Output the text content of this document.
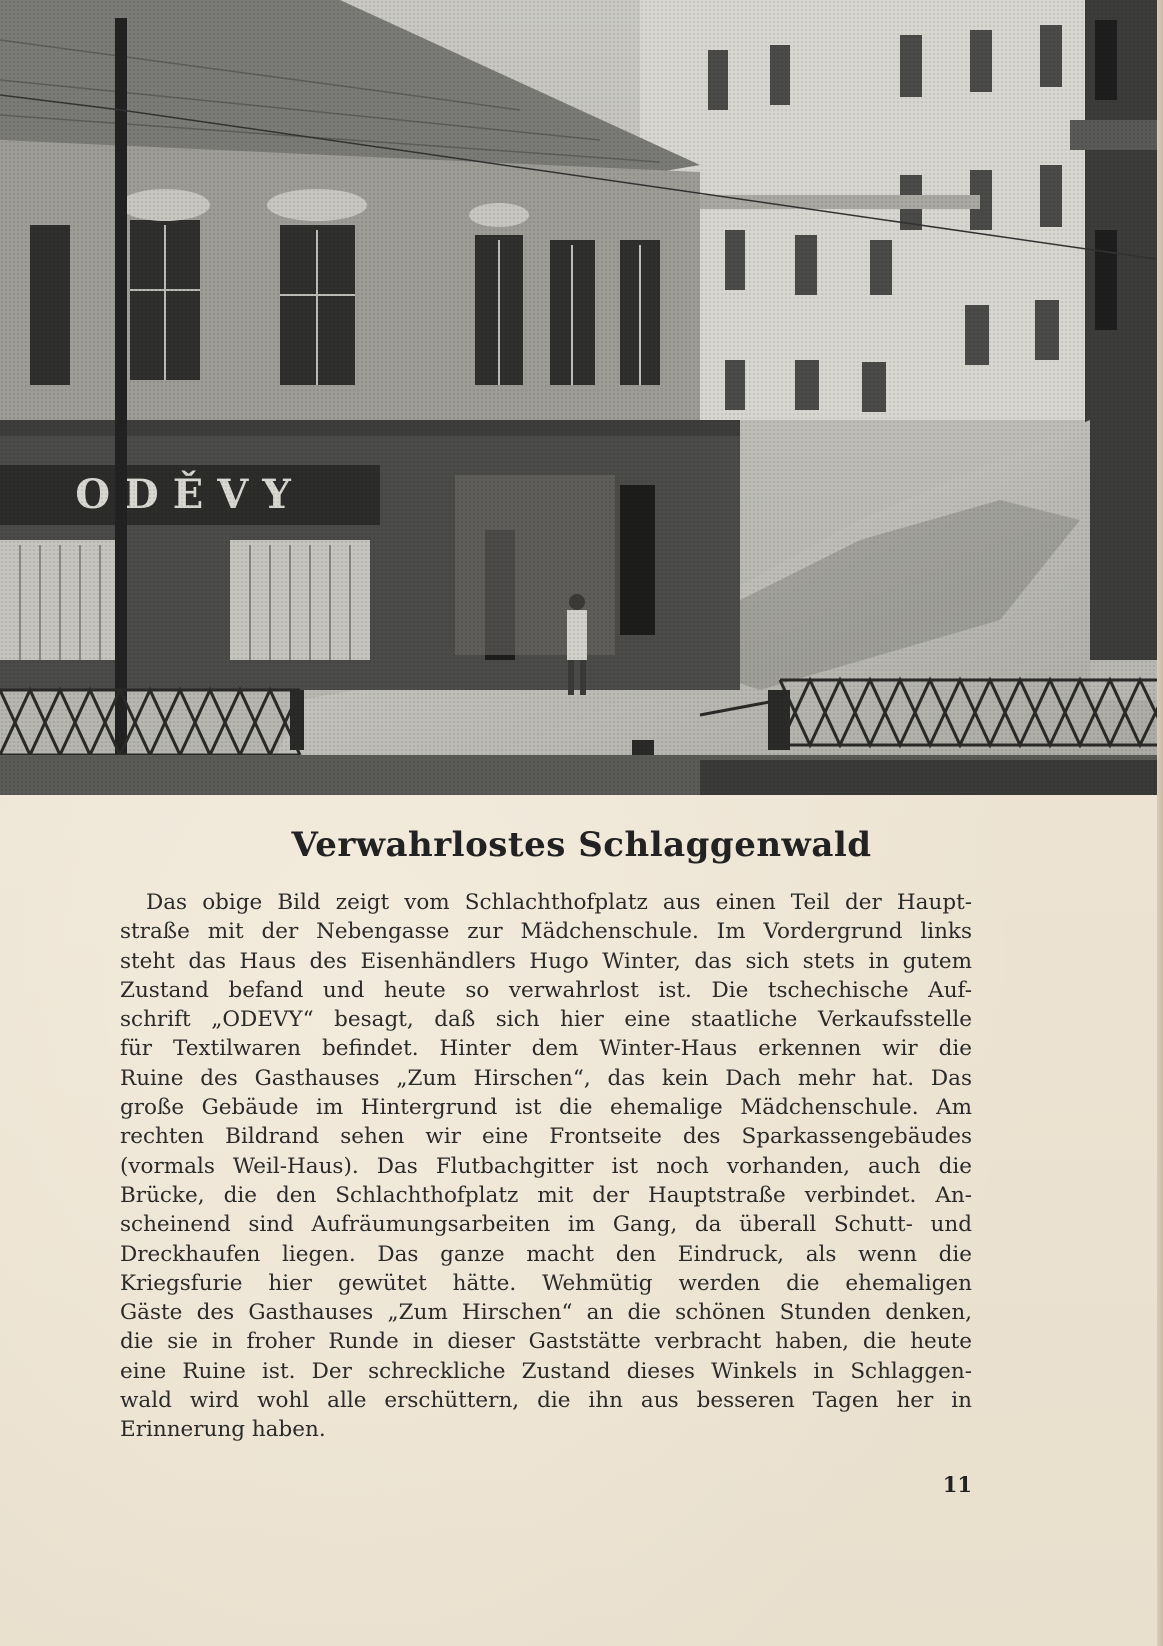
Verwahrlostes Schlaggenwald
Das obige Bild zeigt vom Schlachthofplatz aus einen Teil der Haupt-
straße mit der Nebengasse zur Mädchenschule. Im Vordergrund links
steht das Haus des Eisenhändlers Hugo Winter, das sich stets in gutem
Zustand befand und heute so verwahrlost ist. Die tschechische Auf-
schrift „ODEVY“ besagt, daß sich hier eine staatliche Verkaufsstelle
für Textilwaren befindet. Hinter dem Winter-Haus erkennen wir die
Ruine des Gasthauses „Zum Hirschen“, das kein Dach mehr hat. Das
große Gebäude im Hintergrund ist die ehemalige Mädchenschule. Am
rechten Bildrand sehen wir eine Frontseite des Sparkassengebäudes
(vormals Weil-Haus). Das Flutbachgitter ist noch vorhanden, auch die
Brücke, die den Schlachthofplatz mit der Hauptstraße verbindet. An-
scheinend sind Aufräumungsarbeiten im Gang, da überall Schutt- und
Dreckhaufen liegen. Das ganze macht den Eindruck, als wenn die
Kriegsfurie hier gewütet hätte. Wehmütig werden die ehemaligen
Gäste des Gasthauses „Zum Hirschen“ an die schönen Stunden denken,
die sie in froher Runde in dieser Gaststätte verbracht haben, die heute
eine Ruine ist. Der schreckliche Zustand dieses Winkels in Schlaggen-
wald wird wohl alle erschüttern, die ihn aus besseren Tagen her in
Erinnerung haben.
11
